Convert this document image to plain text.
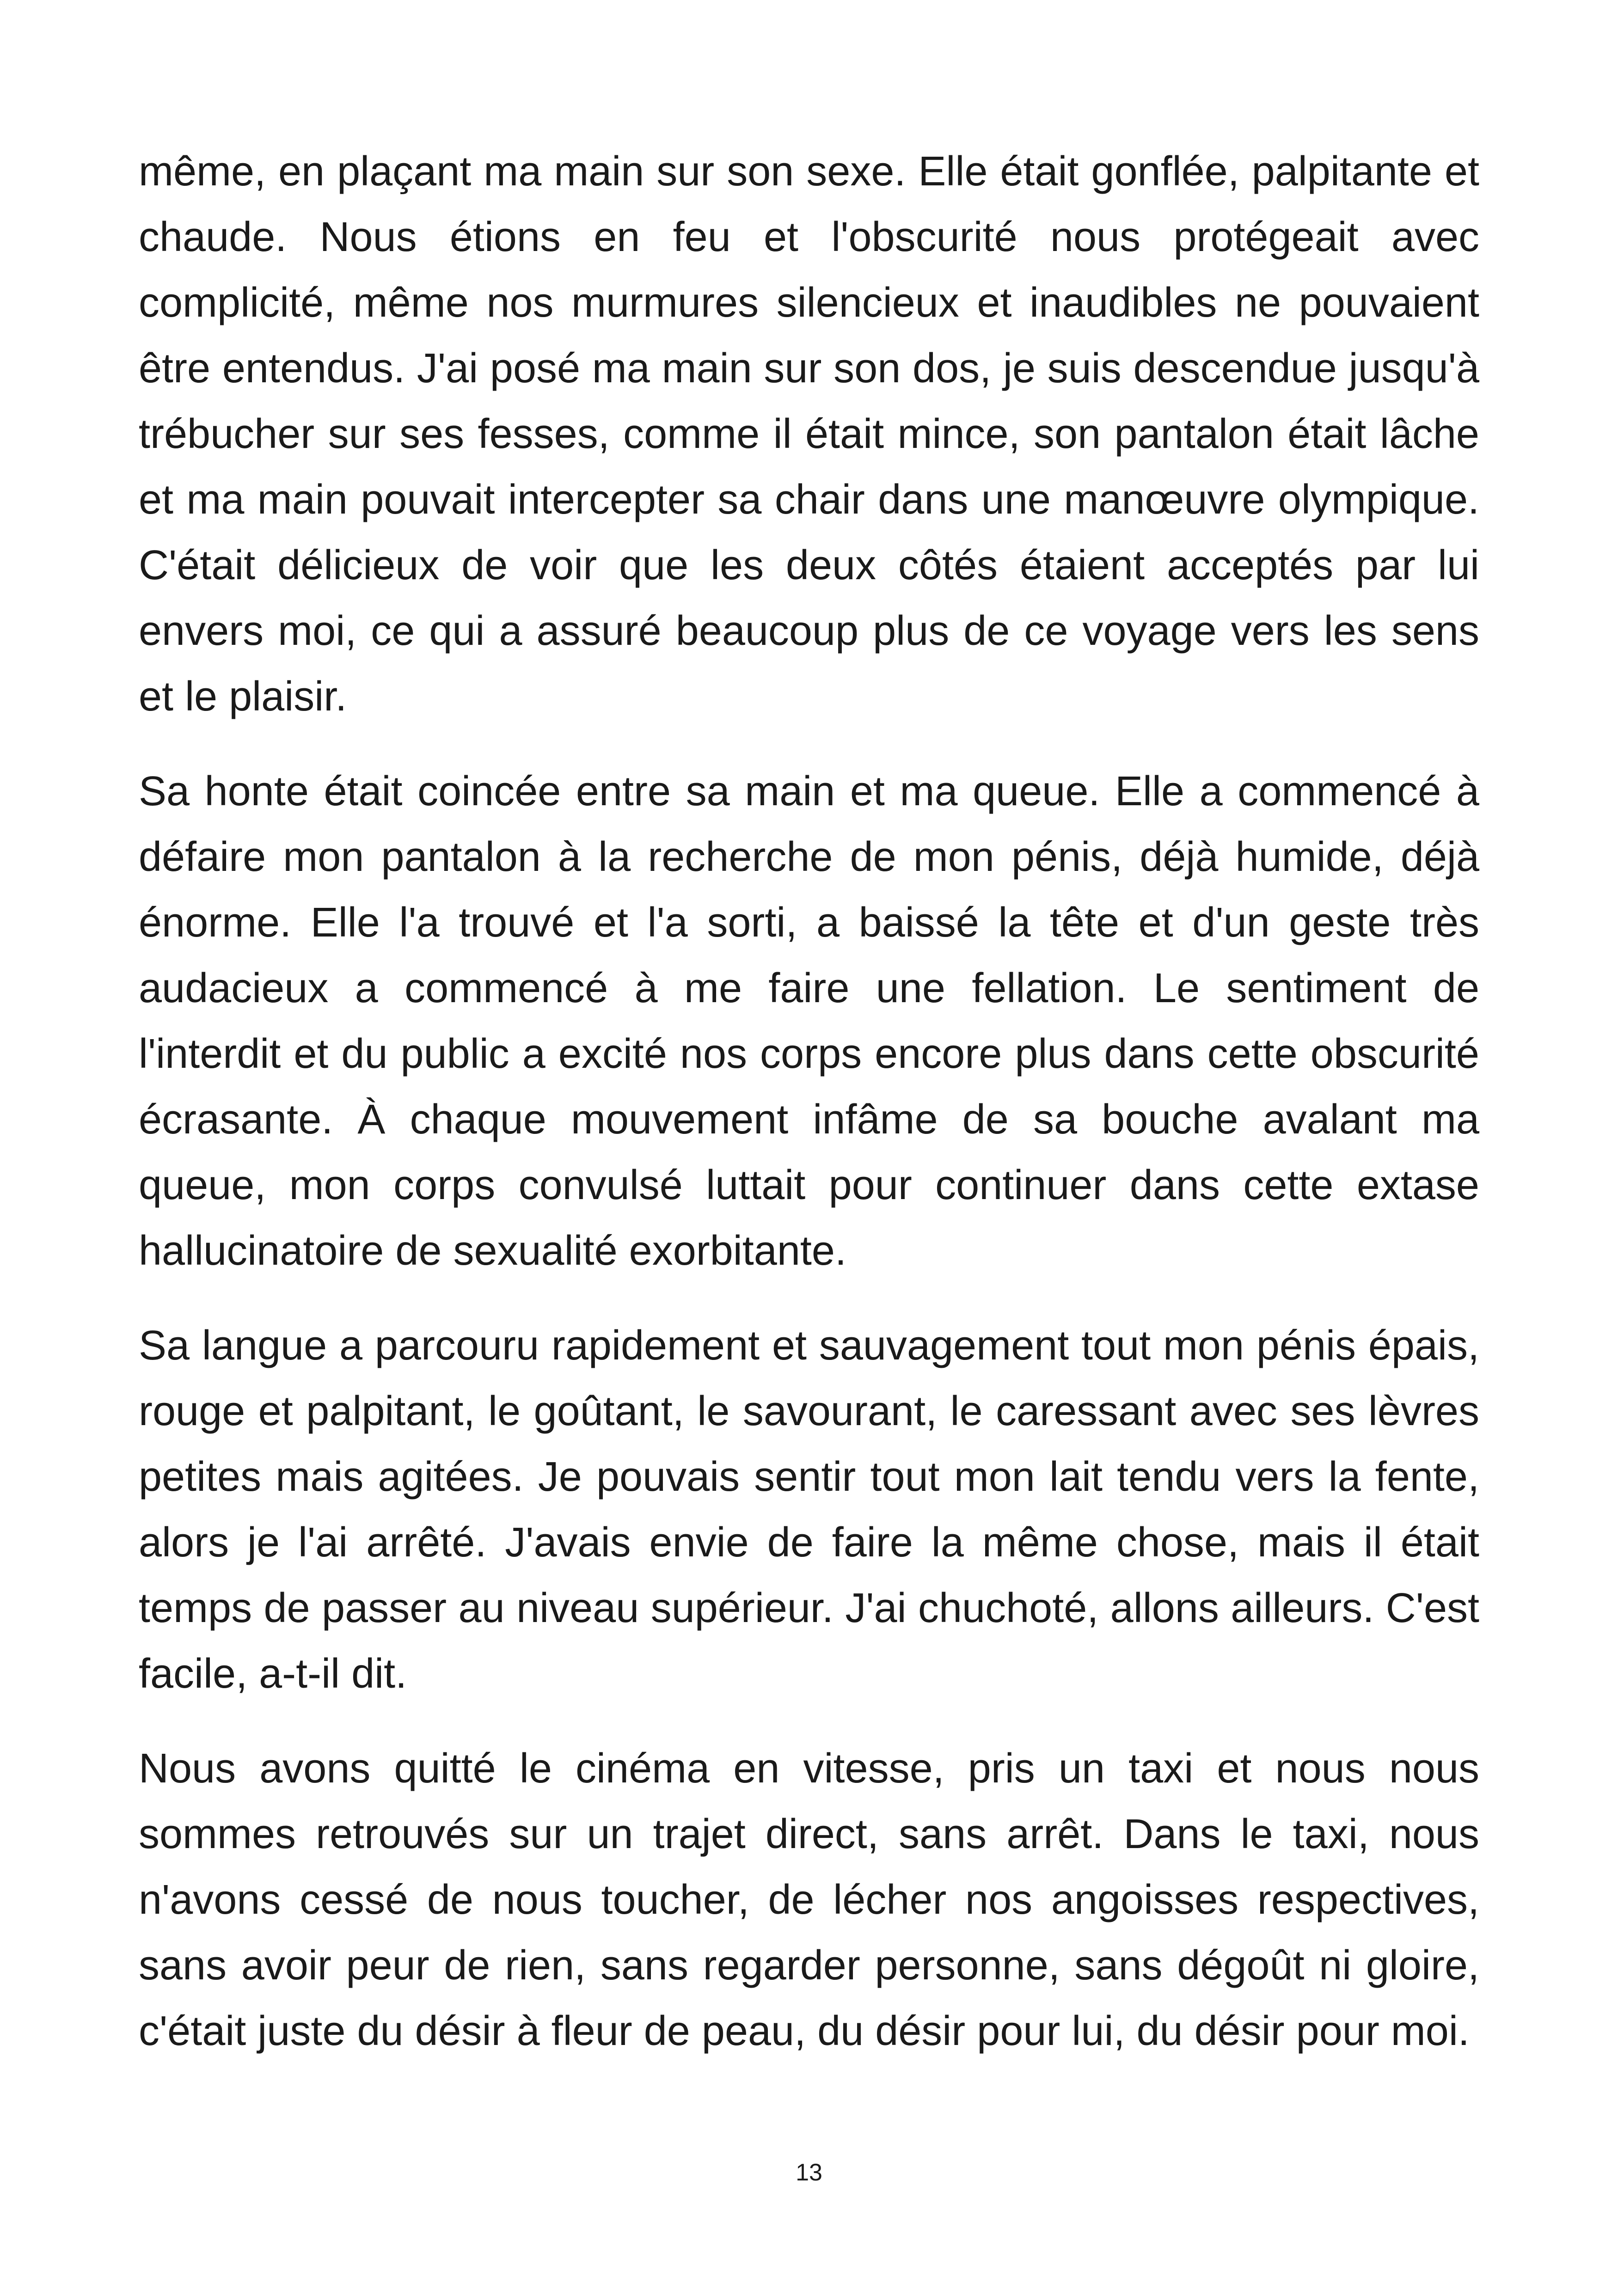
même, en plaçant ma main sur son sexe. Elle était gonflée, palpitante et chaude. Nous étions en feu et l'obscurité nous protégeait avec complicité, même nos murmures silencieux et inaudibles ne pouvaient être entendus. J'ai posé ma main sur son dos, je suis descendue jusqu'à trébucher sur ses fesses, comme il était mince, son pantalon était lâche et ma main pouvait intercepter sa chair dans une manœuvre olympique. C'était délicieux de voir que les deux côtés étaient acceptés par lui envers moi, ce qui a assuré beaucoup plus de ce voyage vers les sens et le plaisir.

Sa honte était coincée entre sa main et ma queue. Elle a commencé à défaire mon pantalon à la recherche de mon pénis, déjà humide, déjà énorme. Elle l'a trouvé et l'a sorti, a baissé la tête et d'un geste très audacieux a commencé à me faire une fellation. Le sentiment de l'interdit et du public a excité nos corps encore plus dans cette obscurité écrasante. À chaque mouvement infâme de sa bouche avalant ma queue, mon corps convulsé luttait pour continuer dans cette extase hallucinatoire de sexualité exorbitante.

Sa langue a parcouru rapidement et sauvagement tout mon pénis épais, rouge et palpitant, le goûtant, le savourant, le caressant avec ses lèvres petites mais agitées. Je pouvais sentir tout mon lait tendu vers la fente, alors je l'ai arrêté. J'avais envie de faire la même chose, mais il était temps de passer au niveau supérieur. J'ai chuchoté, allons ailleurs. C'est facile, a-t-il dit.

Nous avons quitté le cinéma en vitesse, pris un taxi et nous nous sommes retrouvés sur un trajet direct, sans arrêt. Dans le taxi, nous n'avons cessé de nous toucher, de lécher nos angoisses respectives, sans avoir peur de rien, sans regarder personne, sans dégoût ni gloire, c'était juste du désir à fleur de peau, du désir pour lui, du désir pour moi.

13
